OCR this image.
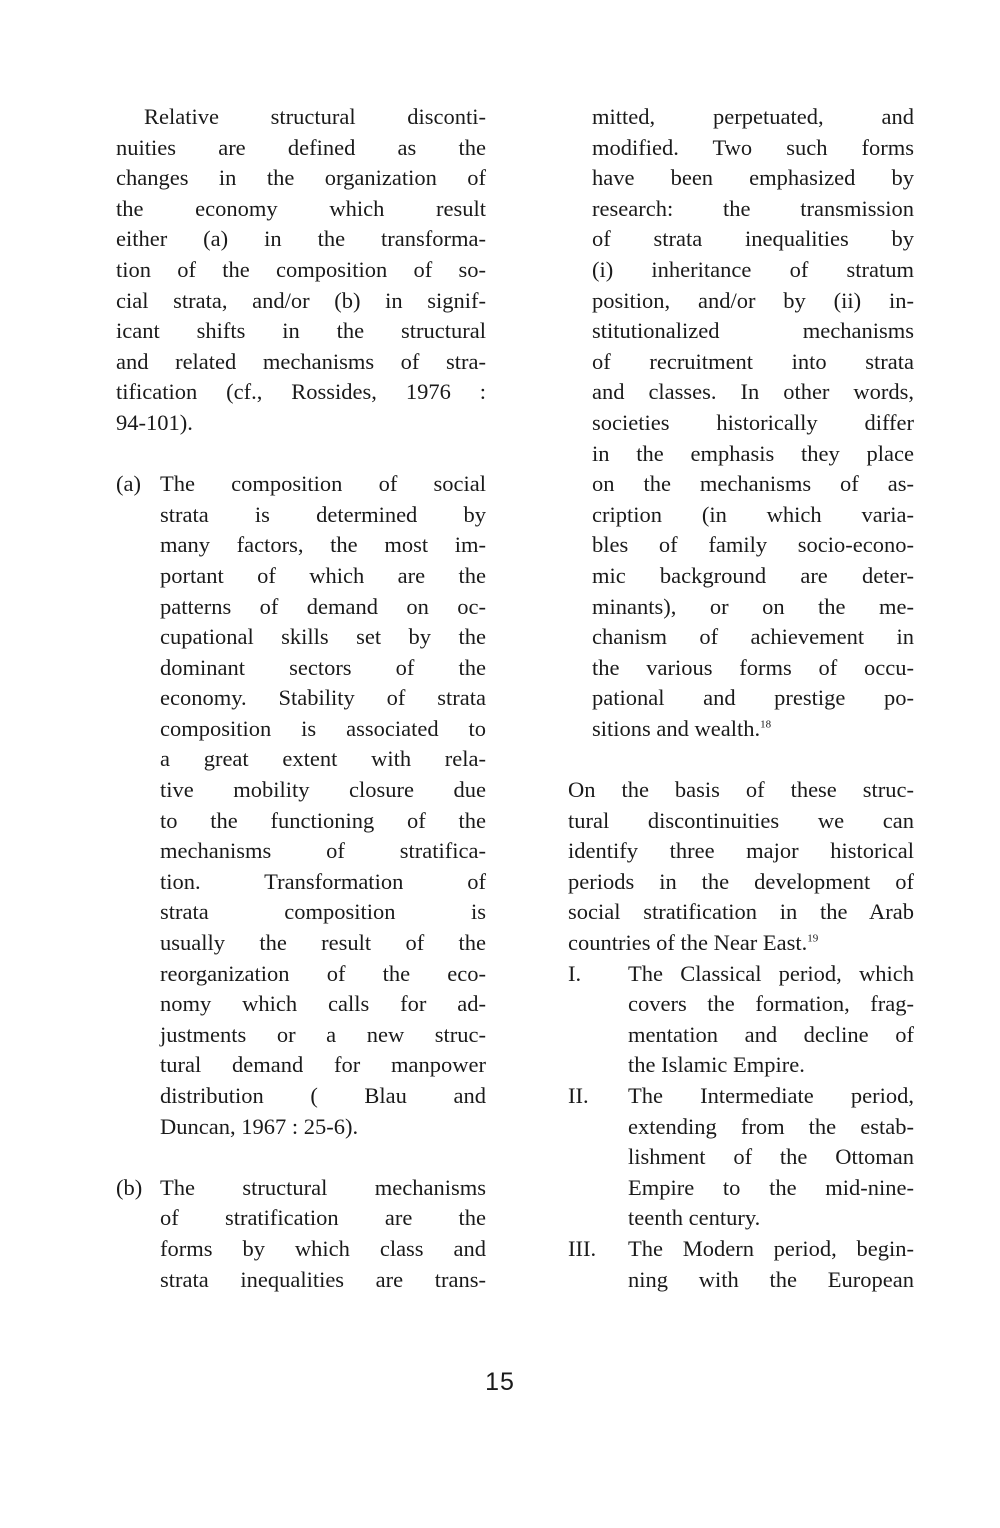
Relative structural disconti-
nuities are defined as the
changes in the organization of
the economy which result
either (a) in the transforma-
tion of the composition of so-
cial strata, and/or (b) in signif-
icant shifts in the structural
and related mechanisms of stra-
tification (cf., Rossides, 1976 :
94-101).
(a) The composition of social
strata is determined by
many factors, the most im-
portant of which are the
patterns of demand on oc-
cupational skills set by the
dominant sectors of the
economy. Stability of strata
composition is associated to
a great extent with rela-
tive mobility closure due
to the functioning of the
mechanisms of stratifica-
tion. Transformation of
strata composition is
usually the result of the
reorganization of the eco-
nomy which calls for ad-
justments or a new struc-
tural demand for manpower
distribution ( Blau and
Duncan, 1967 : 25-6).
(b) The structural mechanisms
of stratification are the
forms by which class and
strata inequalities are trans-
mitted, perpetuated, and
modified. Two such forms
have been emphasized by
research: the transmission
of strata inequalities by
(i) inheritance of stratum
position, and/or by (ii) in-
stitutionalized mechanisms
of recruitment into strata
and classes. In other words,
societies historically differ
in the emphasis they place
on the mechanisms of as-
cription (in which varia-
bles of family socio-econo-
mic background are deter-
minants), or on the me-
chanism of achievement in
the various forms of occu-
pational and prestige po-
sitions and wealth.$^{18}$
On the basis of these struc-
tural discontinuities we can
identify three major historical
periods in the development of
social stratification in the Arab
countries of the Near East.$^{19}$
I. The Classical period, which
covers the formation, frag-
mentation and decline of
the Islamic Empire.
II. The Intermediate period,
extending from the estab-
lishment of the Ottoman
Empire to the mid-nine-
teenth century.
III. The Modern period, begin-
ning with the European
15
